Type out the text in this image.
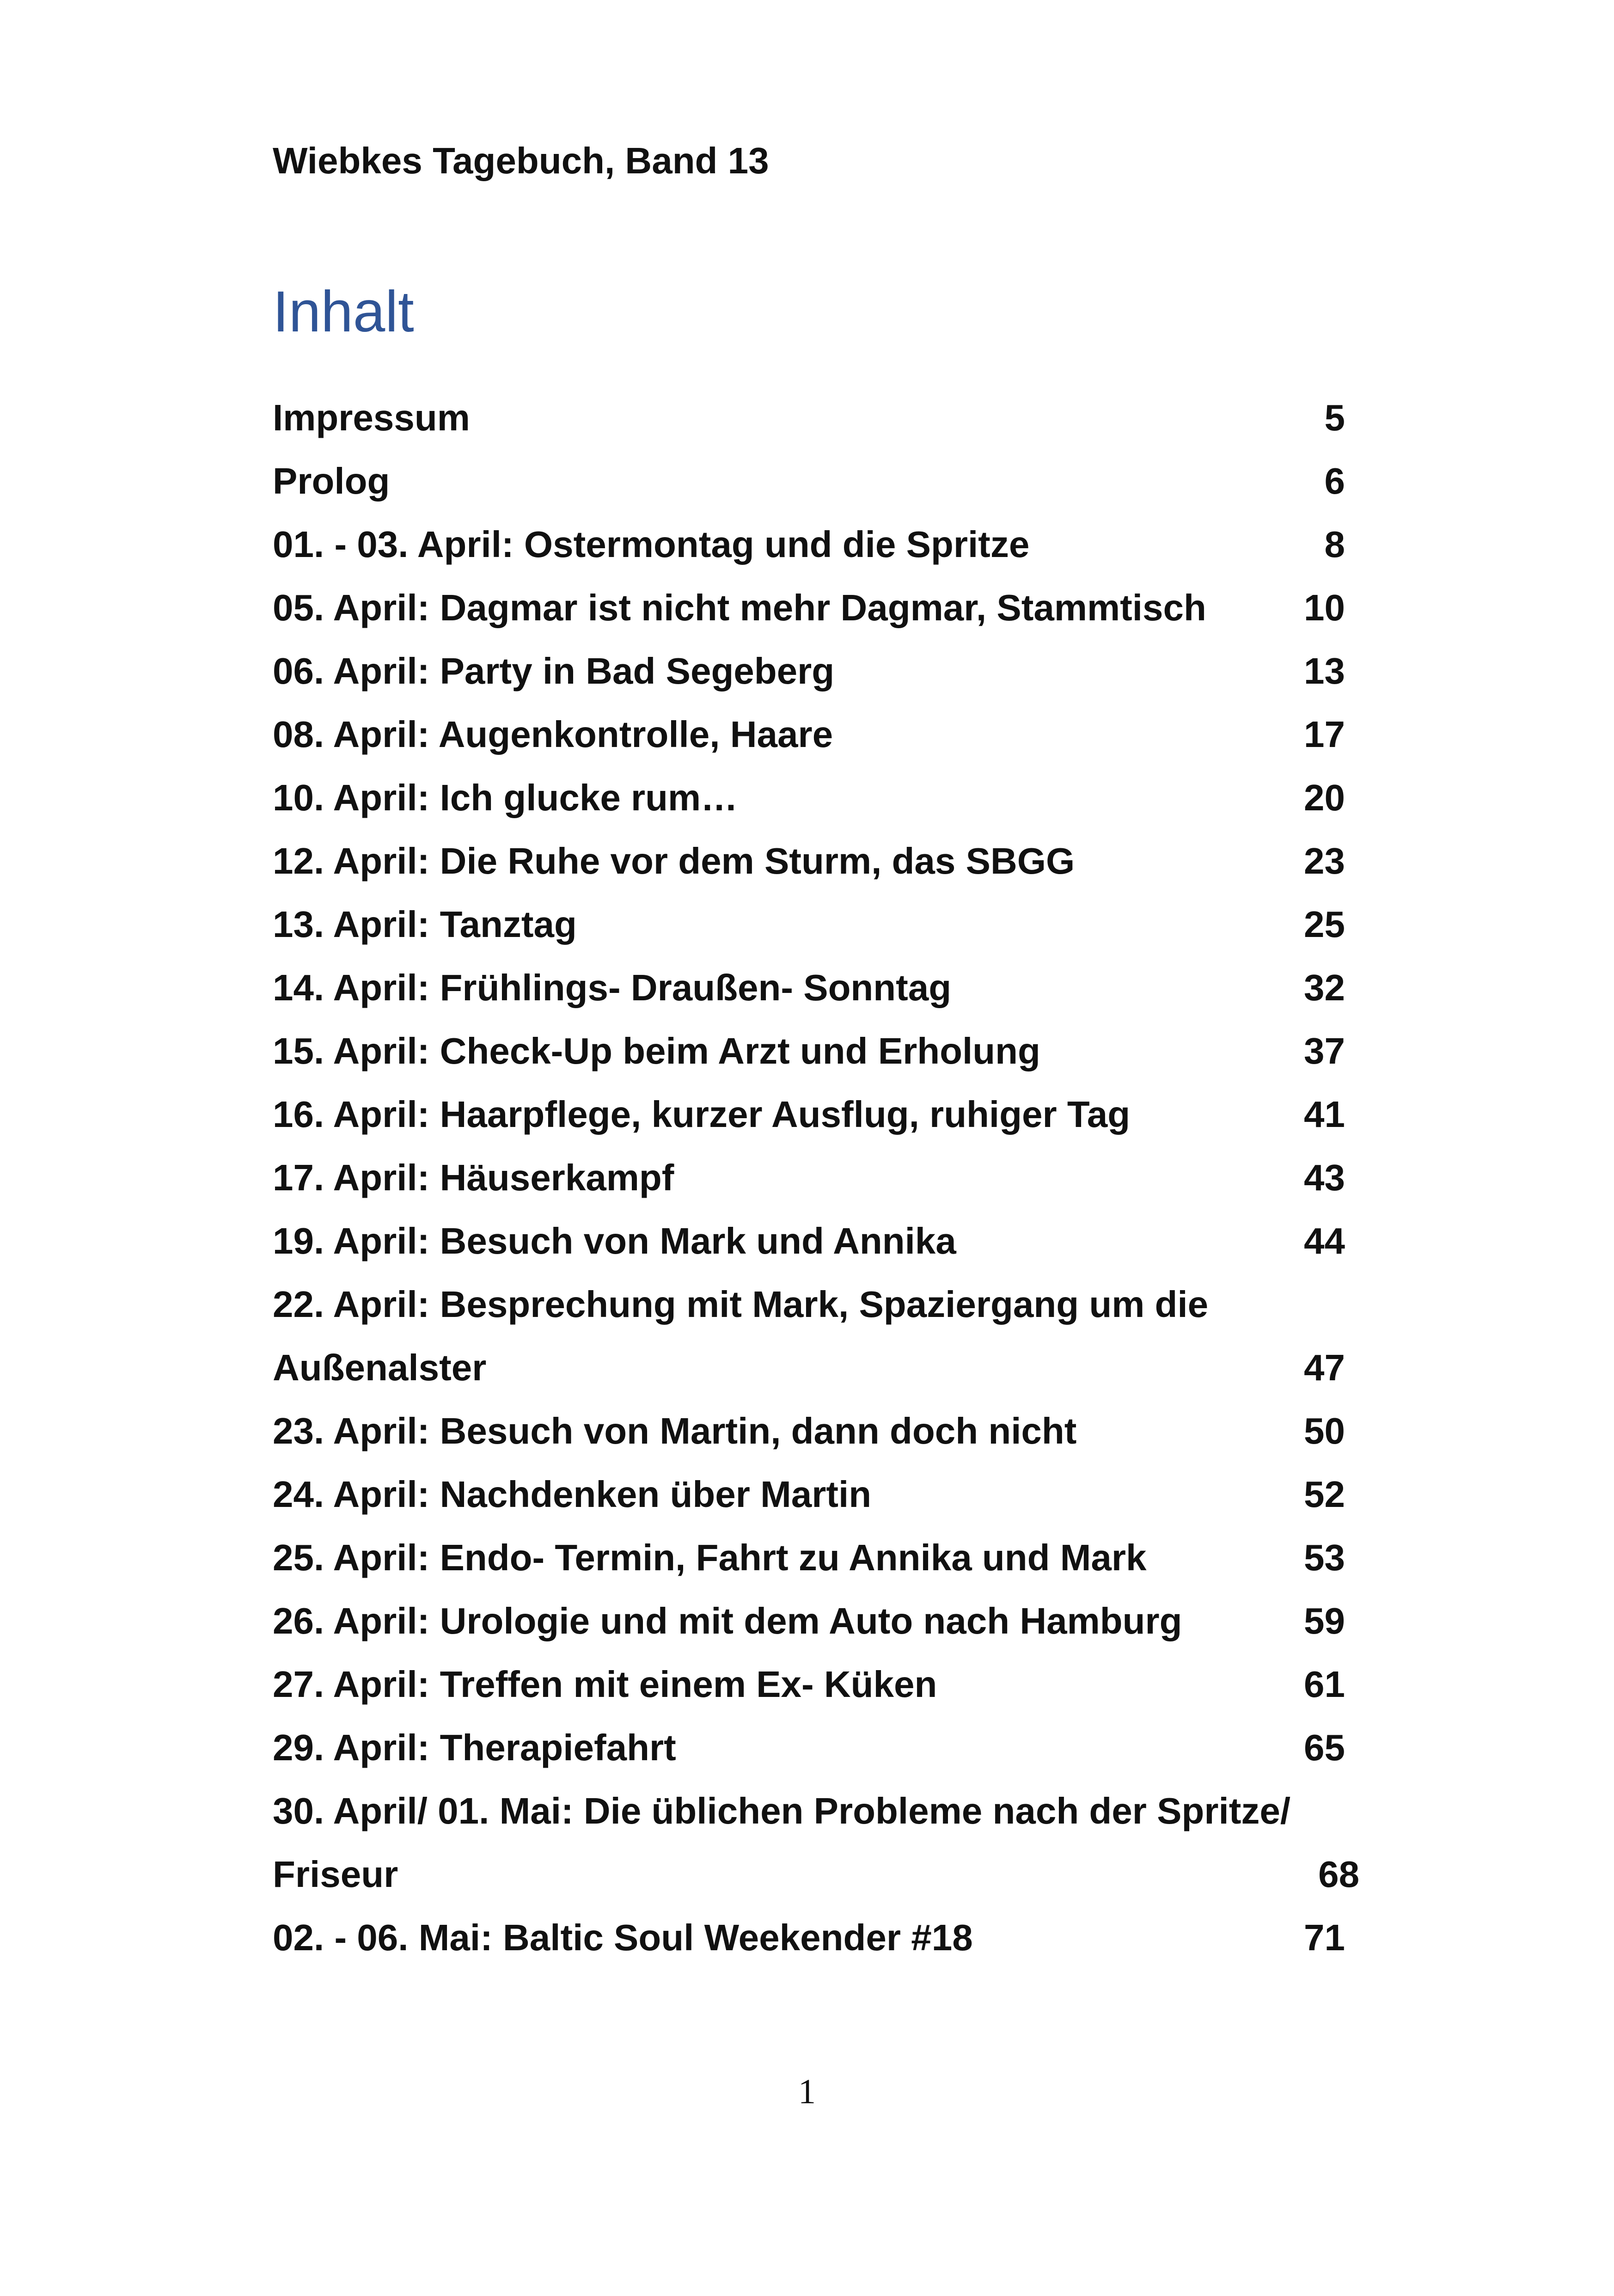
Wiebkes Tagebuch, Band 13
Inhalt
Impressum	5
Prolog	6
01. - 03. April: Ostermontag und die Spritze	8
05. April: Dagmar ist nicht mehr Dagmar, Stammtisch	10
06. April: Party in Bad Segeberg	13
08. April: Augenkontrolle, Haare	17
10. April: Ich glucke rum…	20
12. April: Die Ruhe vor dem Sturm, das SBGG	23
13. April: Tanztag	25
14. April: Frühlings- Draußen- Sonntag	32
15. April: Check-Up beim Arzt und Erholung	37
16. April: Haarpflege, kurzer Ausflug, ruhiger Tag	41
17. April: Häuserkampf	43
19. April: Besuch von Mark und Annika	44
22. April: Besprechung mit Mark, Spaziergang um die
Außenalster	47
23. April: Besuch von Martin, dann doch nicht	50
24. April: Nachdenken über Martin	52
25. April: Endo- Termin, Fahrt zu Annika und Mark	53
26. April: Urologie und mit dem Auto nach Hamburg	59
27. April: Treffen mit einem Ex- Küken	61
29. April: Therapiefahrt	65
30. April/ 01. Mai: Die üblichen Probleme nach der Spritze/
Friseur	68
02. - 06. Mai: Baltic Soul Weekender #18	71
1
